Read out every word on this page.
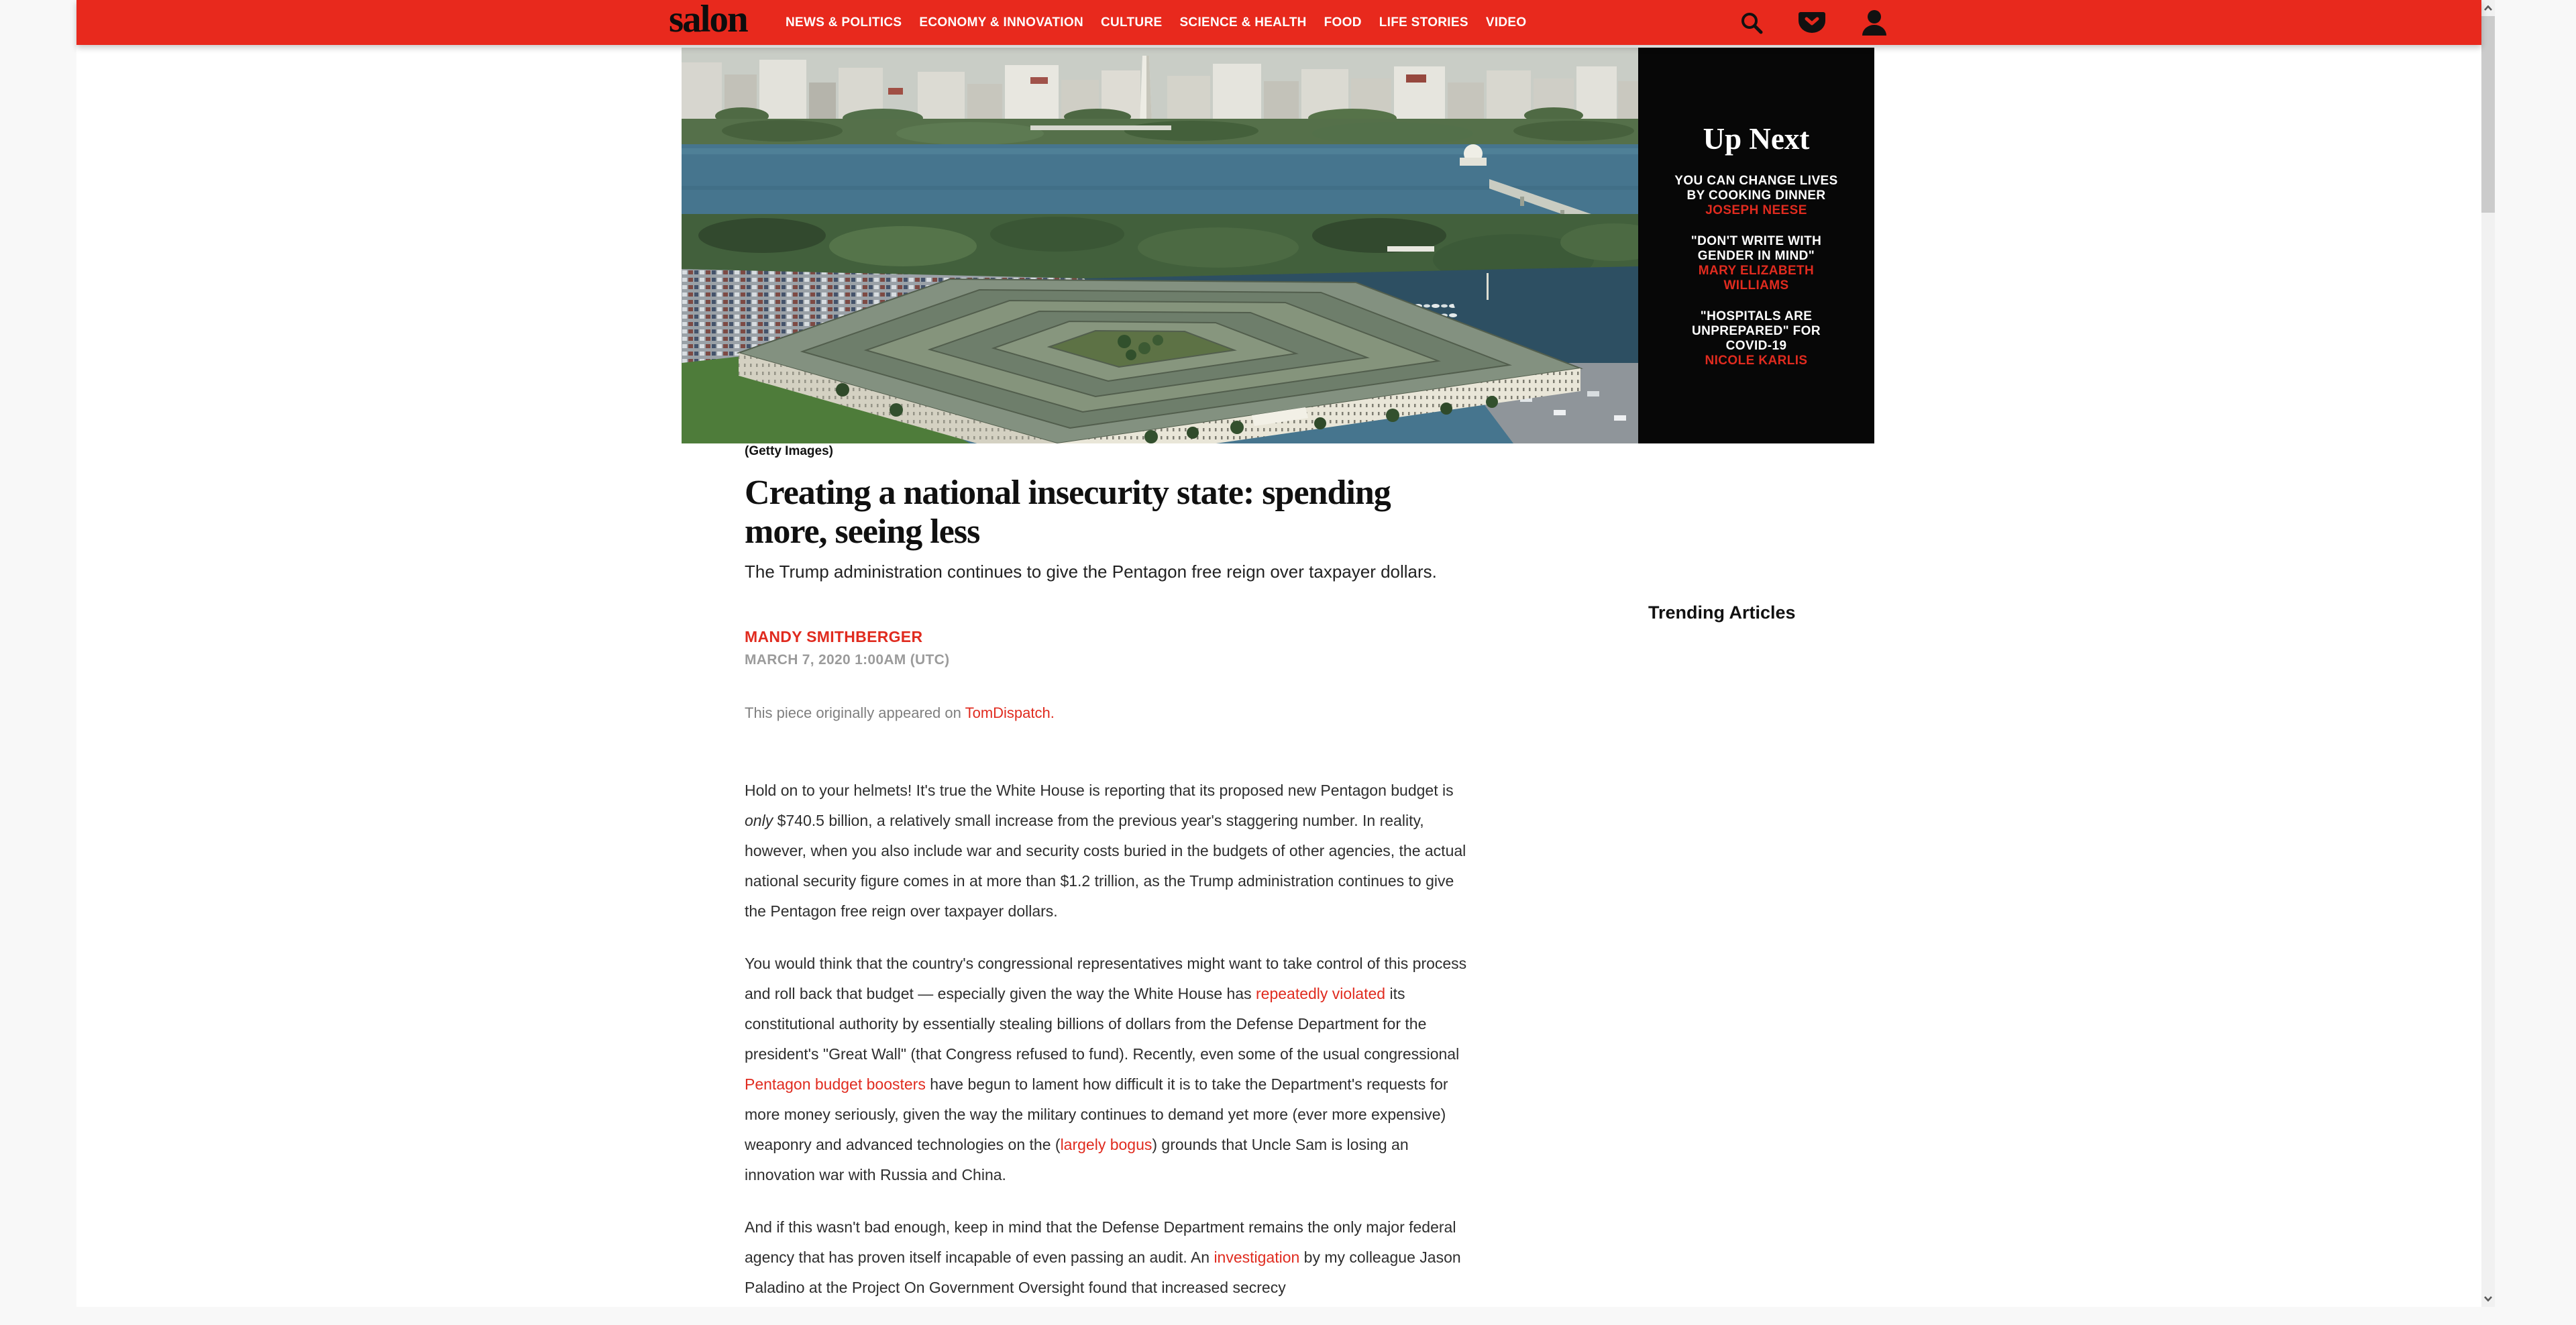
salon	NEWS & POLITICS ECONOMY & INNOVATION CULTURE SCIENCE & HEALTH FOOD LIFE STORIES VIDEO
Up Next
YOU CAN CHANGE LIVES BY COOKING DINNER
JOSEPH NEESE
"DON'T WRITE WITH GENDER IN MIND"
MARY ELIZABETH WILLIAMS
"HOSPITALS ARE UNPREPARED" FOR COVID-19
NICOLE KARLIS
(Getty Images)
Creating a national insecurity state: spending more, seeing less

The Trump administration continues to give the Pentagon free reign over taxpayer dollars.

MANDY SMITHBERGER
MARCH 7, 2020 1:00AM (UTC)
This piece originally appeared on TomDispatch.

Hold on to your helmets! It's true the White House is reporting that its proposed new Pentagon budget is only $740.5 billion, a relatively small increase from the previous year's staggering number. In reality, however, when you also include war and security costs buried in the budgets of other agencies, the actual national security figure comes in at more than $1.2 trillion, as the Trump administration continues to give the Pentagon free reign over taxpayer dollars.

You would think that the country's congressional representatives might want to take control of this process and roll back that budget — especially given the way the White House has repeatedly violated its constitutional authority by essentially stealing billions of dollars from the Defense Department for the president's "Great Wall" (that Congress refused to fund). Recently, even some of the usual congressional Pentagon budget boosters have begun to lament how difficult it is to take the Department's requests for more money seriously, given the way the military continues to demand yet more (ever more expensive) weaponry and advanced technologies on the (largely bogus) grounds that Uncle Sam is losing an innovation war with Russia and China.

And if this wasn't bad enough, keep in mind that the Defense Department remains the only major federal agency that has proven itself incapable of even passing an audit. An investigation by my colleague Jason Paladino at the Project On Government Oversight found that increased secrecy

Trending Articles
